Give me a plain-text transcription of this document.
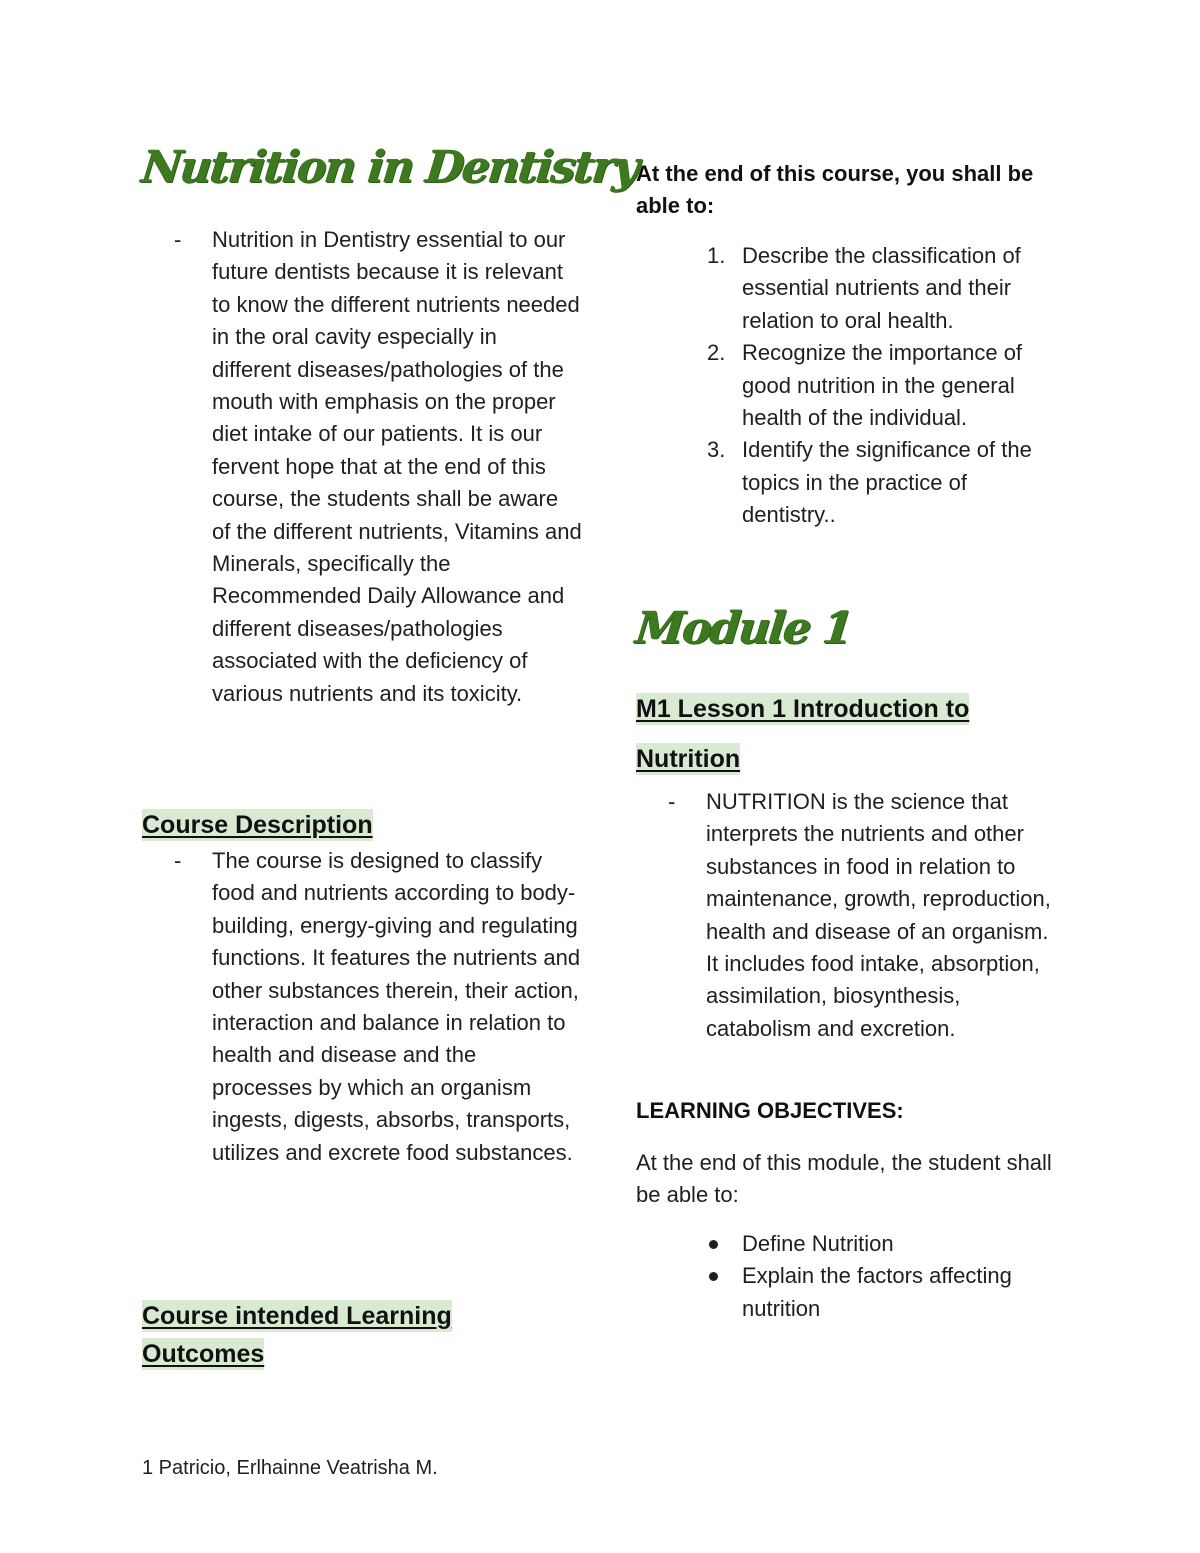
Nutrition in Dentistry
- Nutrition in Dentistry essential to our future dentists because it is relevant to know the different nutrients needed in the oral cavity especially in different diseases/pathologies of the mouth with emphasis on the proper diet intake of our patients. It is our fervent hope that at the end of this course, the students shall be aware of the different nutrients, Vitamins and Minerals, specifically the Recommended Daily Allowance and different diseases/pathologies associated with the deficiency of various nutrients and its toxicity.
Course Description
- The course is designed to classify food and nutrients according to body-building, energy-giving and regulating functions. It features the nutrients and other substances therein, their action, interaction and balance in relation to health and disease and the processes by which an organism ingests, digests, absorbs, transports, utilizes and excrete food substances.
Course intended Learning
Outcomes

At the end of this course, you shall be able to:

1. Describe the classification of essential nutrients and their relation to oral health.
2. Recognize the importance of good nutrition in the general health of the individual.
3. Identify the significance of the topics in the practice of dentistry..
Module 1
M1 Lesson 1 Introduction to
Nutrition
- NUTRITION is the science that interprets the nutrients and other substances in food in relation to maintenance, growth, reproduction, health and disease of an organism. It includes food intake, absorption, assimilation, biosynthesis, catabolism and excretion.

LEARNING OBJECTIVES:

At the end of this module, the student shall be able to:

Define Nutrition
Explain the factors affecting nutrition

1 Patricio, Erlhainne Veatrisha M.
